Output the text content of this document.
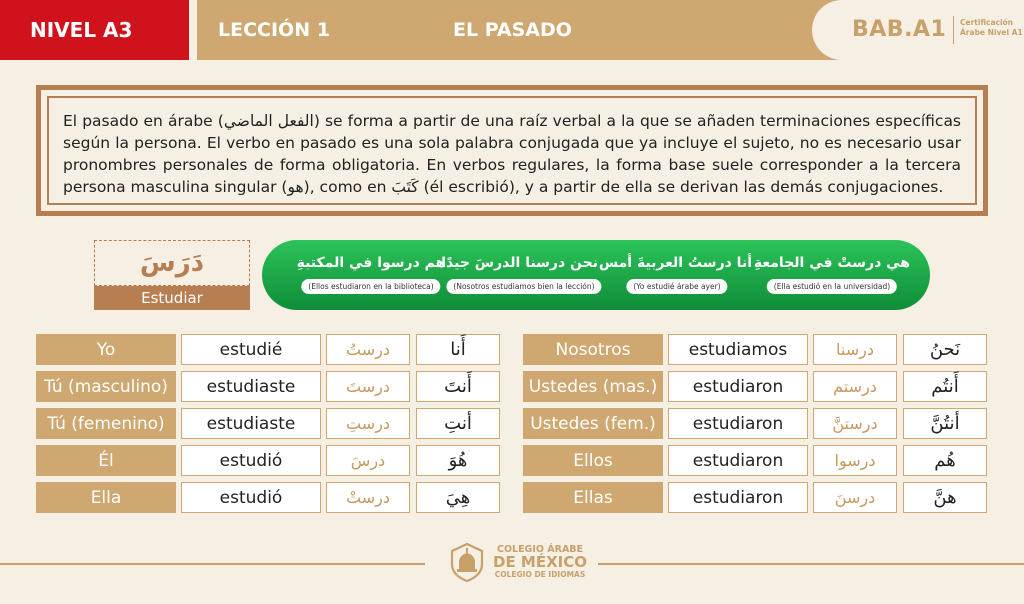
NIVEL A3	LECCIÓN 1	EL PASADO	BAB.A1 Certificación
Árabe Nivel A1

El pasado en árabe (الفعل الماضي) se forma a partir de una raíz verbal a la que se añaden terminaciones específicas según la persona. El verbo en pasado es una sola palabra conjugada que ya incluye el sujeto, no es necesario usar pronombres personales de forma obligatoria. En verbos regulares, la forma base suele corresponder a la tercera persona masculina singular (هو), como en كَتَبَ (él escribió), y a partir de ella se derivan las demás conjugaciones.

دَرَسَ
Estudiar
هي درستْ في الجامعةِ
(Ella estudió en la universidad)
أنا درستُ العربيةَ أمس
(Yo estudié árabe ayer)
نحن درسنا الدرسَ جيدًا
(Nosotros estudiamos bien la lección)
هم درسوا في المكتبةِ
(Ellos estudiaron en la biblioteca)
Yo	estudié	درستُ	أَنا
Tú (masculino)	estudiaste	درستَ	أَنتَ
Tú (femenino)	estudiaste	درستِ	أنتِ
Él	estudió	درسَ	هُوَ
Ella	estudió	درستْ	هِيَ
Nosotros	estudiamos	درسنا	نَحنُ
Ustedes (mas.)	estudiaron	درستم	أَنتُم
Ustedes (fem.)	estudiaron	درستنَّ	أنتُنَّ
Ellos	estudiaron	درسوا	هُم
Ellas	estudiaron	درسنَ	هنَّ
COLEGIO ÁRABE
DE MÉXICO
COLEGIO DE IDIOMAS
